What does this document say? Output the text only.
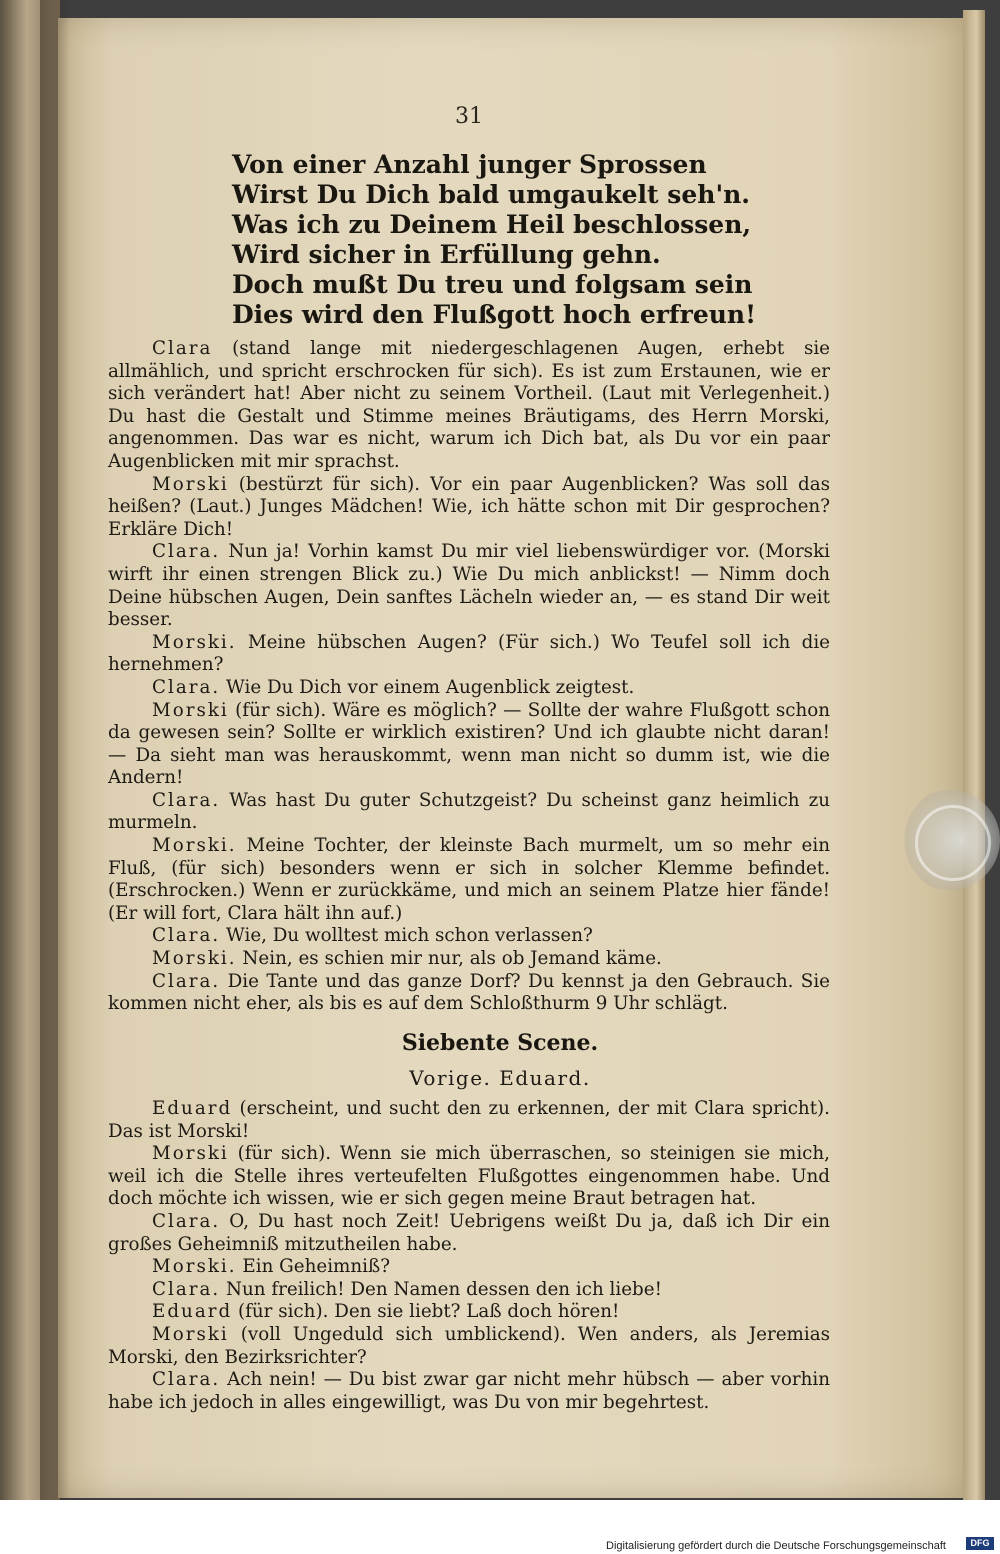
31
Von einer Anzahl junger Sprossen
Wirst Du Dich bald umgaukelt seh'n.
Was ich zu Deinem Heil beschlossen,
Wird sicher in Erfüllung gehn.
Doch mußt Du treu und folgsam sein
Dies wird den Flußgott hoch erfreun!

Clara (stand lange mit niedergeschlagenen Augen, erhebt sie allmählich, und spricht erschrocken für sich). Es ist zum Erstaunen, wie er sich verändert hat! Aber nicht zu seinem Vortheil. (Laut mit Verlegenheit.) Du hast die Gestalt und Stimme meines Bräutigams, des Herrn Morski, angenommen. Das war es nicht, warum ich Dich bat, als Du vor ein paar Augenblicken mit mir sprachst.

Morski (bestürzt für sich). Vor ein paar Augenblicken? Was soll das heißen? (Laut.) Junges Mädchen! Wie, ich hätte schon mit Dir gesprochen? Erkläre Dich!

Clara. Nun ja! Vorhin kamst Du mir viel liebenswürdiger vor. (Morski wirft ihr einen strengen Blick zu.) Wie Du mich anblickst! — Nimm doch Deine hübschen Augen, Dein sanftes Lächeln wieder an, — es stand Dir weit besser.

Morski. Meine hübschen Augen? (Für sich.) Wo Teufel soll ich die hernehmen?

Clara. Wie Du Dich vor einem Augenblick zeigtest.

Morski (für sich). Wäre es möglich? — Sollte der wahre Flußgott schon da gewesen sein? Sollte er wirklich existiren? Und ich glaubte nicht daran! — Da sieht man was herauskommt, wenn man nicht so dumm ist, wie die Andern!

Clara. Was hast Du guter Schutzgeist? Du scheinst ganz heimlich zu murmeln.

Morski. Meine Tochter, der kleinste Bach murmelt, um so mehr ein Fluß, (für sich) besonders wenn er sich in solcher Klemme befindet. (Erschrocken.) Wenn er zurückkäme, und mich an seinem Platze hier fände! (Er will fort, Clara hält ihn auf.)

Clara. Wie, Du wolltest mich schon verlassen?

Morski. Nein, es schien mir nur, als ob Jemand käme.

Clara. Die Tante und das ganze Dorf? Du kennst ja den Gebrauch. Sie kommen nicht eher, als bis es auf dem Schloßthurm 9 Uhr schlägt.

Siebente Scene.
Vorige. Eduard.

Eduard (erscheint, und sucht den zu erkennen, der mit Clara spricht). Das ist Morski!

Morski (für sich). Wenn sie mich überraschen, so steinigen sie mich, weil ich die Stelle ihres verteufelten Flußgottes eingenommen habe. Und doch möchte ich wissen, wie er sich gegen meine Braut betragen hat.

Clara. O, Du hast noch Zeit! Uebrigens weißt Du ja, daß ich Dir ein großes Geheimniß mitzutheilen habe.

Morski. Ein Geheimniß?

Clara. Nun freilich! Den Namen dessen den ich liebe!

Eduard (für sich). Den sie liebt? Laß doch hören!

Morski (voll Ungeduld sich umblickend). Wen anders, als Jeremias Morski, den Bezirksrichter?

Clara. Ach nein! — Du bist zwar gar nicht mehr hübsch — aber vorhin habe ich jedoch in alles eingewilligt, was Du von mir begehrtest.

Digitalisierung gefördert durch die Deutsche Forschungsgemeinschaft	DFG
